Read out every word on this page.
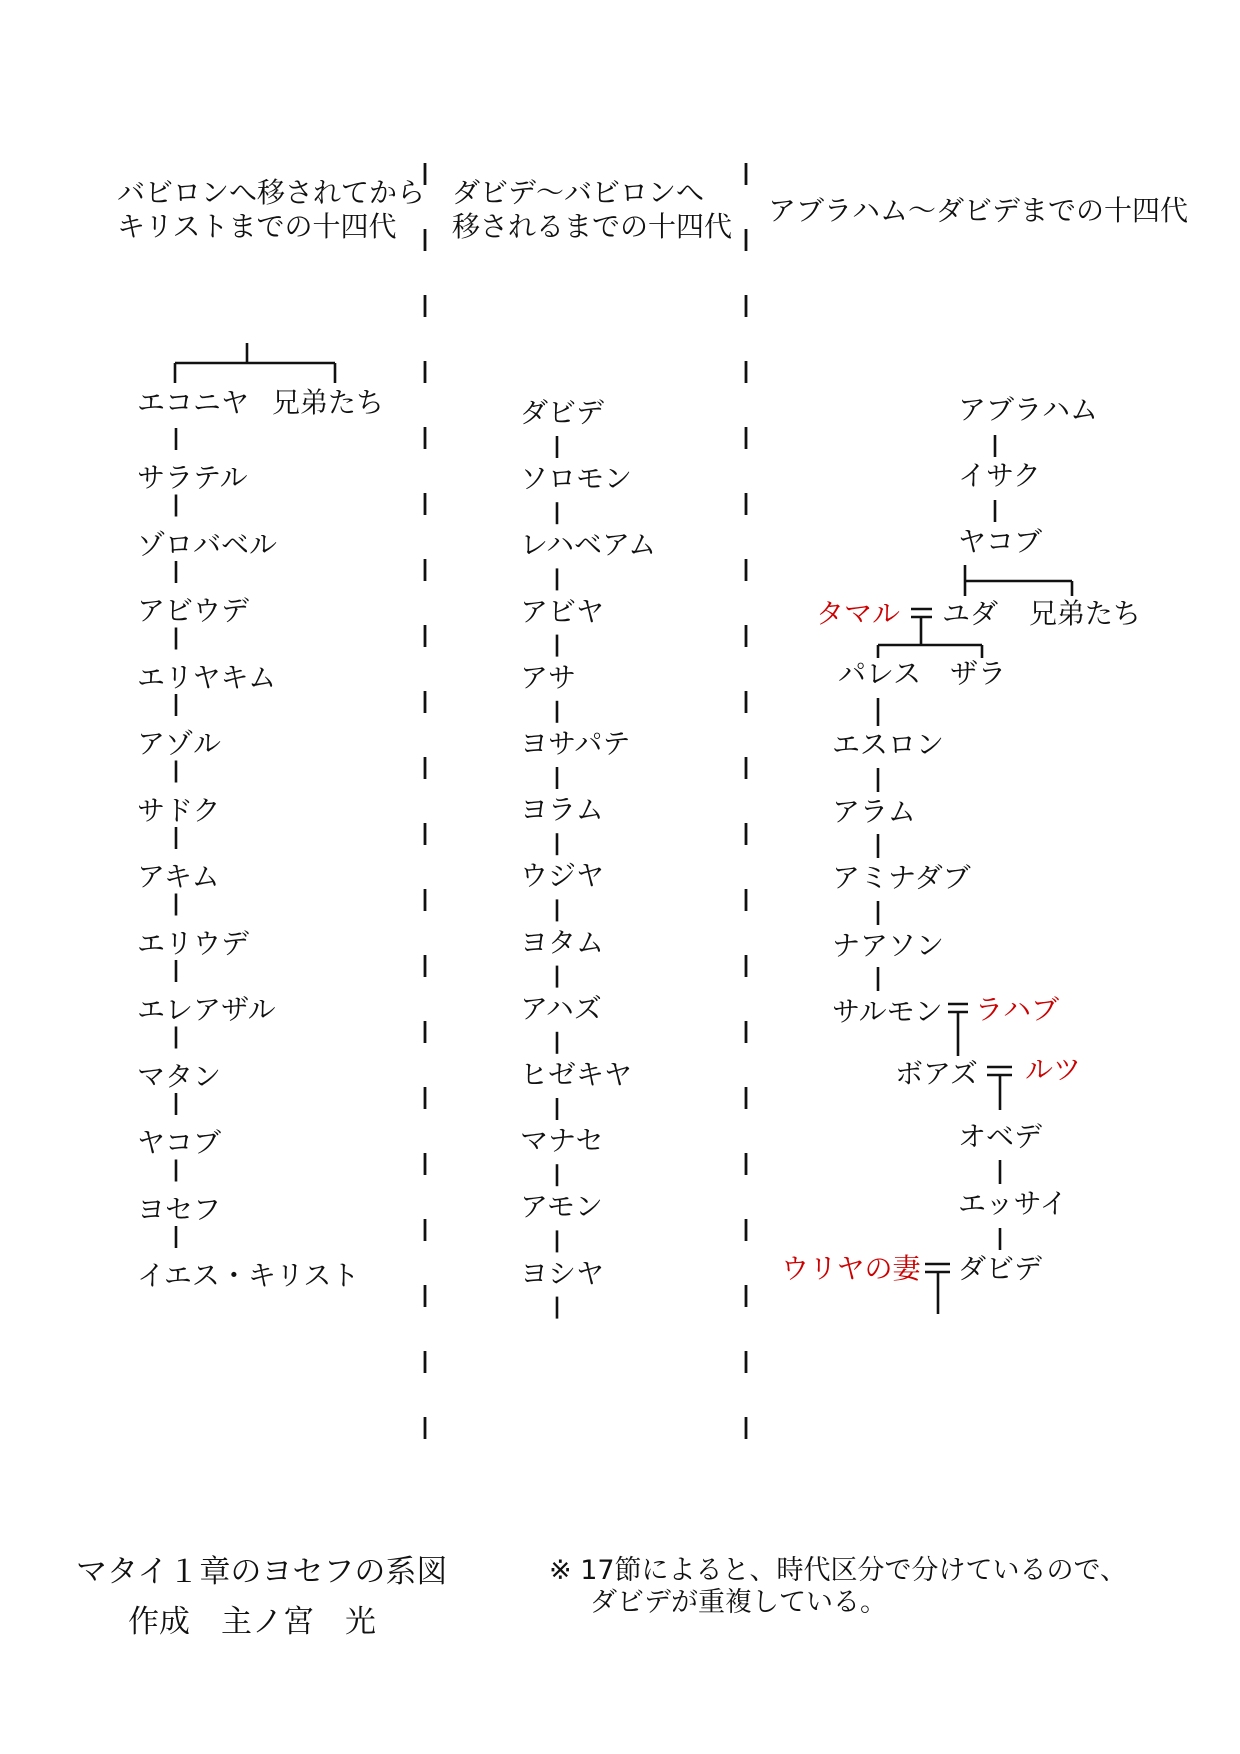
バビロンへ移されてから
キリストまでの十四代
ダビデ～バビロンへ
移されるまでの十四代 アブラハム～ダビデまでの十四代
エコニヤ 兄弟たち
サラテル
ゾロバベル
アビウデ
エリヤキム
アゾル
サドク
アキム
エリウデ
エレアザル
マタン
ヤコブ
ヨセフ
イエス・キリスト
ダビデ
ソロモン
レハベアム
アビヤ
アサ
ヨサパテ
ヨラム
ウジヤ
ヨタム
アハズ
ヒゼキヤ
マナセ
アモン
ヨシヤ
アブラハム
イサク
ヤコブ
タマル ユダ 兄弟たち
パレス ザラ
エスロン
アラム
アミナダブ
ナアソン
サルモン ラハブ
ボアズ ルツ
オベデ
エッサイ
ウリヤの妻 ダビデ
マタイ１章のヨセフの系図
作成　主ノ宮　光
※ 17節によると、時代区分で分けているので、
ダビデが重複している。
